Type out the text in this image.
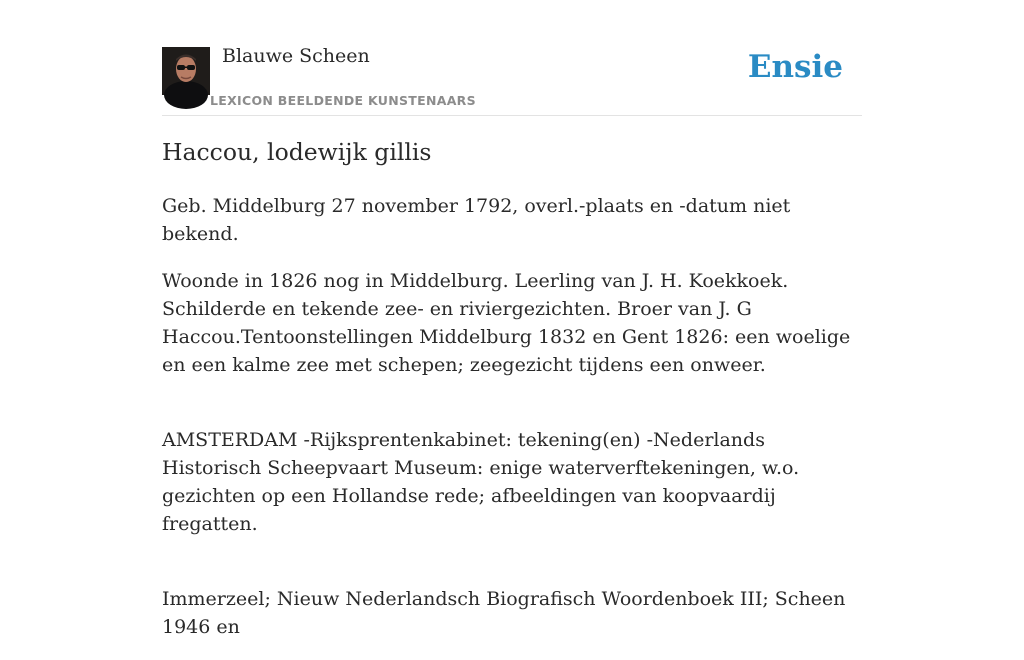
Blauwe Scheen
LEXICON BEELDENDE KUNSTENAARS
Ensie
Haccou, lodewijk gillis

Geb. Middelburg 27 november 1792, overl.-plaats en -datum niet bekend.

Woonde in 1826 nog in Middelburg. Leerling van J. H. Koekkoek. Schilderde en tekende zee- en riviergezichten. Broer van J. G Haccou.Tentoonstellingen Middelburg 1832 en Gent 1826: een woelige en een kalme zee met schepen; zeegezicht tijdens een onweer.

AMSTERDAM -Rijksprentenkabinet: tekening(en) -Nederlands Historisch Scheepvaart Museum: enige waterverftekeningen, w.o. gezichten op een Hollandse rede; afbeeldingen van koopvaardij fregatten.

Immerzeel; Nieuw Nederlandsch Biografisch Woordenboek III; Scheen 1946 en
